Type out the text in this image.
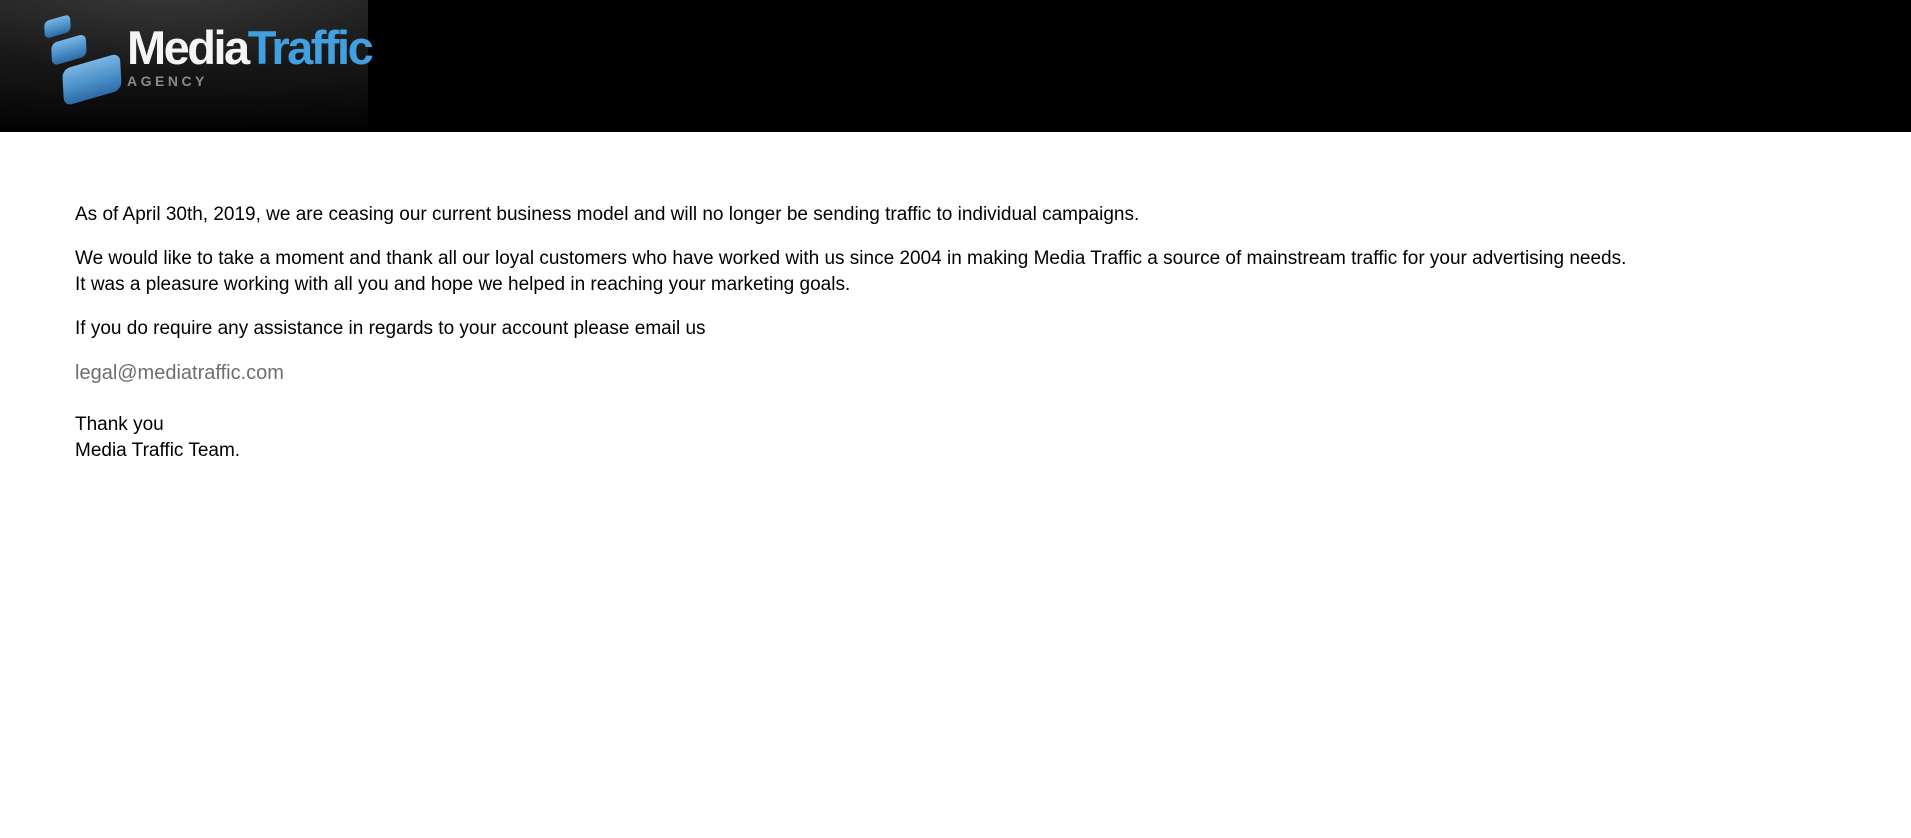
MediaTraffic
AGENCY

As of April 30th, 2019, we are ceasing our current business model and will no longer be sending traffic to individual campaigns.

We would like to take a moment and thank all our loyal customers who have worked with us since 2004 in making Media Traffic a source of mainstream traffic for your advertising needs.
It was a pleasure working with all you and hope we helped in reaching your marketing goals.

If you do require any assistance in regards to your account please email us

legal@mediatraffic.com

Thank you
Media Traffic Team.
